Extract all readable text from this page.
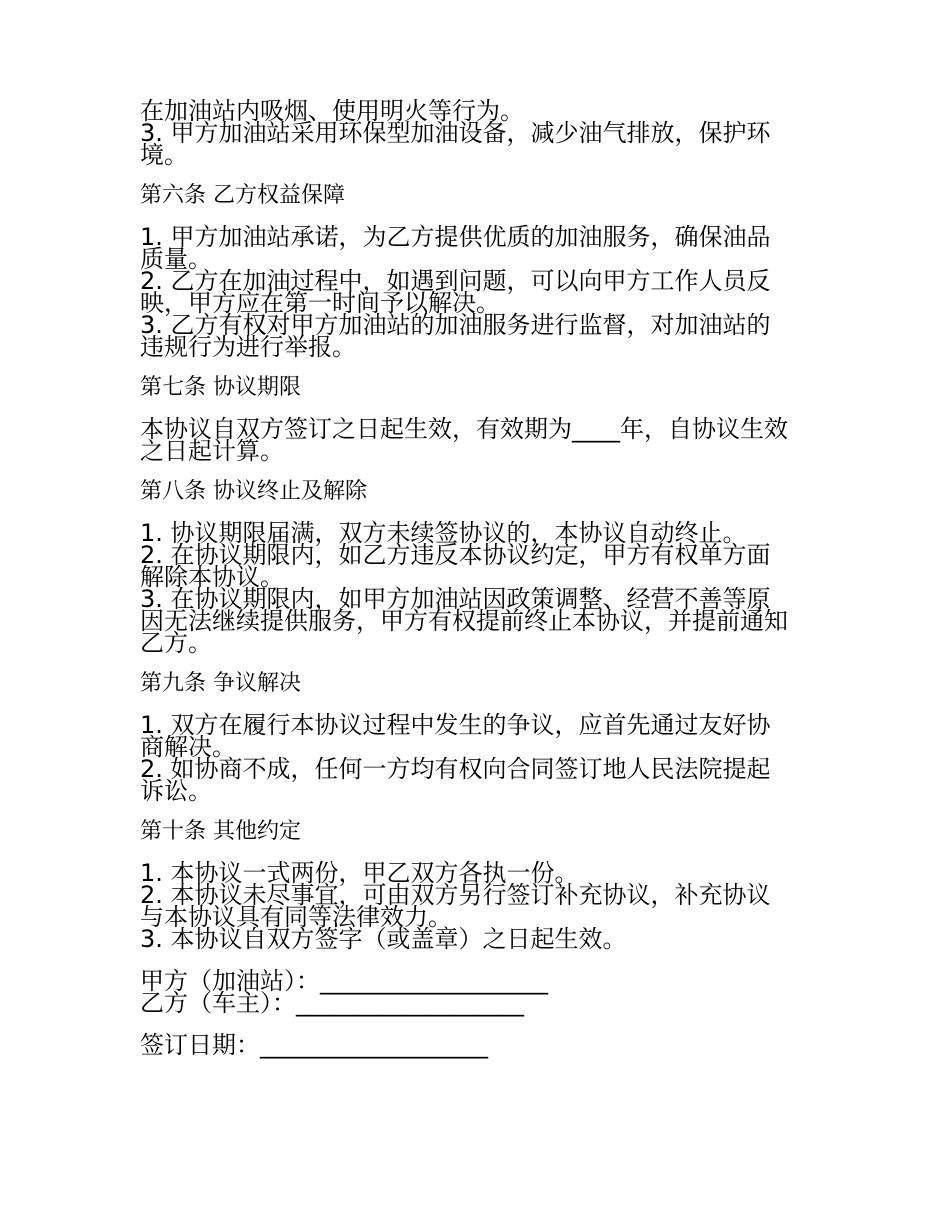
在加油站内吸烟、使用明火等行为。
3. 甲方加油站采用环保型加油设备，减少油气排放，保护环
境。
第六条 乙方权益保障
1. 甲方加油站承诺，为乙方提供优质的加油服务，确保油品
质量。
2. 乙方在加油过程中，如遇到问题，可以向甲方工作人员反
映，甲方应在第一时间予以解决。
3. 乙方有权对甲方加油站的加油服务进行监督，对加油站的
违规行为进行举报。
第七条 协议期限
本协议自双方签订之日起生效，有效期为____年，自协议生效
之日起计算。
第八条 协议终止及解除
1. 协议期限届满，双方未续签协议的，本协议自动终止。
2. 在协议期限内，如乙方违反本协议约定，甲方有权单方面
解除本协议。
3. 在协议期限内，如甲方加油站因政策调整、经营不善等原
因无法继续提供服务，甲方有权提前终止本协议，并提前通知
乙方。
第九条 争议解决
1. 双方在履行本协议过程中发生的争议，应首先通过友好协
商解决。
2. 如协商不成，任何一方均有权向合同签订地人民法院提起
诉讼。
第十条 其他约定
1. 本协议一式两份，甲乙双方各执一份。
2. 本协议未尽事宜，可由双方另行签订补充协议，补充协议
与本协议具有同等法律效力。
3. 本协议自双方签字（或盖章）之日起生效。
甲方（加油站）：___________________
乙方（车主）：___________________
签订日期：___________________
